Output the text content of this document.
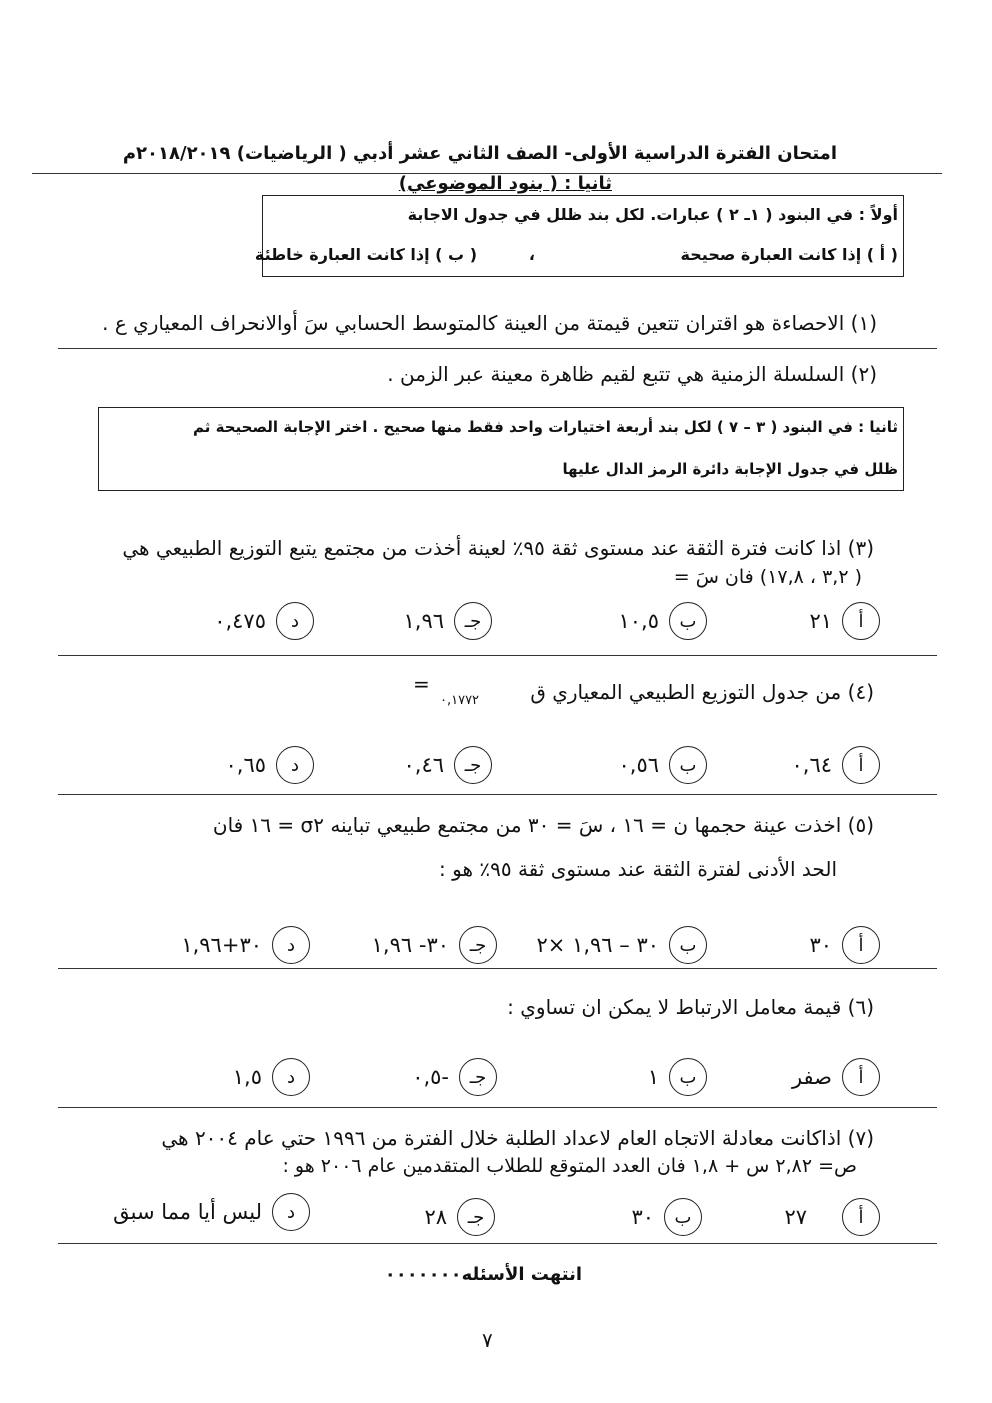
امتحان الفترة الدراسية الأولى- الصف الثاني عشر أدبي ( الرياضيات) ٢٠١٨/٢٠١٩م
ثانيا : ( بنود الموضوعي)
أولاً : في البنود ( ١ـ ٢ ) عبارات. لكل بند ظلل في جدول الاجابة
( أ ) إذا كانت العبارة صحيحة
،
( ب ) إذا كانت العبارة خاطئة
(١) الاحصاءة هو اقتران تتعين قيمتة من العينة كالمتوسط الحسابي سَ أوالانحراف المعياري ع .
(٢) السلسلة الزمنية هي تتبع لقيم ظاهرة معينة عبر الزمن .
ثانيا : في البنود ( ٣ – ٧ ) لكل بند أربعة اختيارات واحد فقط منها صحيح . اختر الإجابة الصحيحة ثم
ظلل في جدول الإجابة دائرة الرمز الدال عليها
(٣) اذا كانت فترة الثقة عند مستوى ثقة ٩٥٪ لعينة أخذت من مجتمع يتبع التوزيع الطبيعي هي
( ٣,٢ ، ١٧,٨) فان سَ =
أ
٢١
ب
١٠,٥
جـ
١,٩٦
د
٠,٤٧٥
(٤) من جدول التوزيع الطبيعي المعياري ق
=
٠,١٧٧٢
أ
٠,٦٤
ب
٠,٥٦
جـ
٠,٤٦
د
٠,٦٥
(٥) اخذت عينة حجمها ن = ١٦ ، سَ = ٣٠ من مجتمع طبيعي تباينه σ٢ = ١٦ فان
الحد الأدنى لفترة الثقة عند مستوى ثقة ٩٥٪ هو :
أ
٣٠
ب
٣٠ – ١,٩٦ ×٢
جـ
٣٠- ١,٩٦
د
٣٠+١,٩٦
(٦) قيمة معامل الارتباط لا يمكن ان تساوي :
أ
صفر
ب
١
جـ
-٠,٥
د
١,٥
(٧) اذاكانت معادلة الاتجاه العام لاعداد الطلبة خلال الفترة من ١٩٩٦ حتي عام ٢٠٠٤ هي
ص= ٢,٨٢ س + ١,٨ فان العدد المتوقع للطلاب المتقدمين عام ٢٠٠٦ هو :
أ
٢٧
ب
٣٠
جـ
٢٨
د
ليس أيا مما سبق
انتهت الأسئله٠٠٠٠٠٠٠
٧
